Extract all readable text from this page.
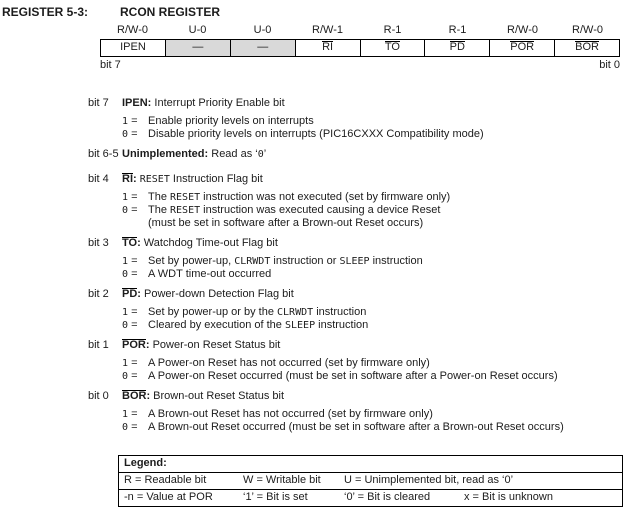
REGISTER 5-3:	RCON REGISTER
R/W-0	U-0	U-0	R/W-1	R-1	R-1	R/W-0	R/W-0
IPEN	—	—	RI	TO	PD	POR	BOR
bit 7	bit 0
bit 7	IPEN: Interrupt Priority Enable bit
1 = Enable priority levels on interrupts
0 = Disable priority levels on interrupts (PIC16CXXX Compatibility mode)
bit 6-5 Unimplemented: Read as ‘0’
bit 4	RI: RESET Instruction Flag bit
1 = The RESET instruction was not executed (set by firmware only)
0 = The RESET instruction was executed causing a device Reset
(must be set in software after a Brown-out Reset occurs)
bit 3	TO: Watchdog Time-out Flag bit
1 = Set by power-up, CLRWDT instruction or SLEEP instruction
0 = A WDT time-out occurred
bit 2	PD: Power-down Detection Flag bit
1 = Set by power-up or by the CLRWDT instruction
0 = Cleared by execution of the SLEEP instruction
bit 1	POR: Power-on Reset Status bit
1 = A Power-on Reset has not occurred (set by firmware only)
0 = A Power-on Reset occurred (must be set in software after a Power-on Reset occurs)
bit 0	BOR: Brown-out Reset Status bit
1 = A Brown-out Reset has not occurred (set by firmware only)
0 = A Brown-out Reset occurred (must be set in software after a Brown-out Reset occurs)
Legend:
R = Readable bit	W = Writable bit	U = Unimplemented bit, read as ‘0’
-n = Value at POR	‘1’ = Bit is set	‘0’ = Bit is cleared	x = Bit is unknown
